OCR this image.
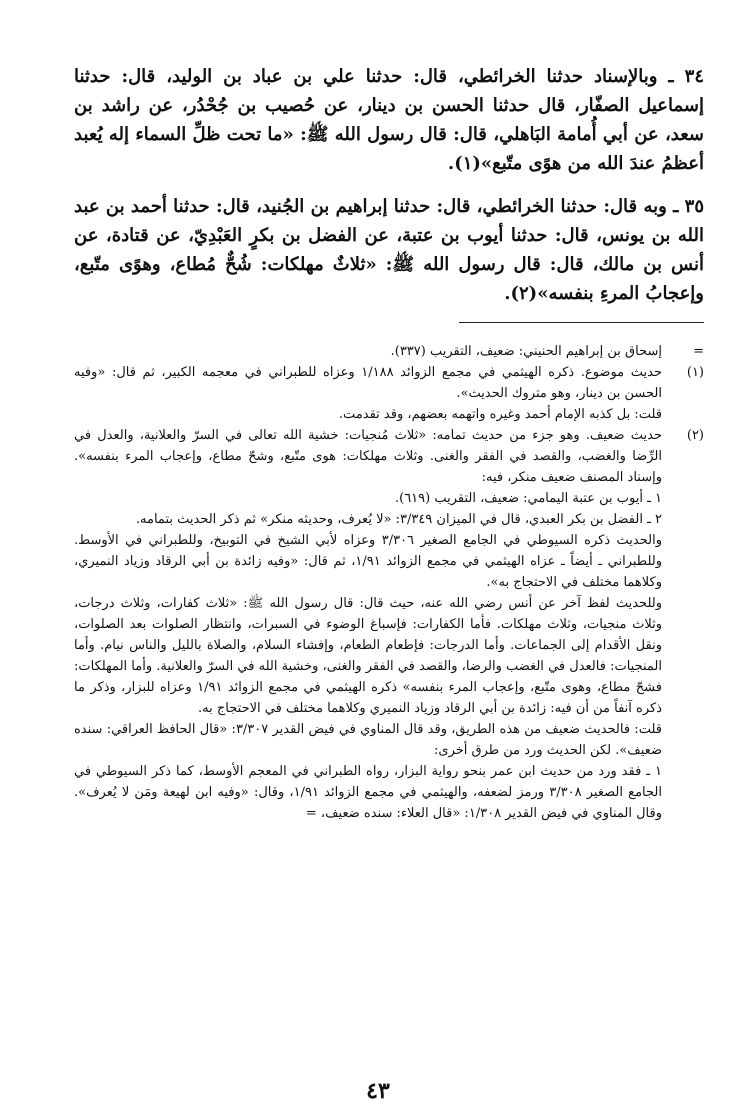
٣٤ ـ وبالإسناد حدثنا الخرائطي، قال: حدثنا علي بن عباد بن الوليد، قال: حدثنا إسماعيل الصفّار، قال حدثنا الحسن بن دينار، عن حُصيب بن جُحْدُر، عن راشد بن سعد، عن أبي أُمامة البَاهلي، قال: قال رسول الله ﷺ: «ما تحت ظلِّ السماء إله يُعبد أعظمُ عندَ الله من هوًى متّبع»(١).

٣٥ ـ وبه قال: حدثنا الخرائطي، قال: حدثنا إبراهيم بن الجُنيد، قال: حدثنا أحمد بن عبد الله بن يونس، قال: حدثنا أيوب بن عتبة، عن الفضل بن بكرٍ العَبْدِيّ، عن قتادة، عن أنس بن مالك، قال: قال رسول الله ﷺ: «ثلاثٌ مهلكات: شُحٌّ مُطاع، وهوًى متّبع، وإعجابُ المرءِ بنفسه»(٢).

=
إسحاق بن إبراهيم الحنيني: ضعيف، التقريب (٣٣٧).
(١)
حديث موضوع. ذكره الهيثمي في مجمع الزوائد ١/١٨٨ وعزاه للطبراني في معجمه الكبير، ثم قال: «وفيه الحسن بن دينار، وهو متروك الحديث».
قلت: بل كذبه الإمام أحمد وغيره واتهمه بعضهم، وقد تقدمت.
(٢)
حديث ضعيف. وهو جزء من حديث تمامه: «ثلاث مُنجيات: خشية الله تعالى في السرّ والعلانية، والعدل في الرِّضا والغضب، والقصد في الفقر والغنى. وثلاث مهلكات: هوى متّبع، وشحّ مطاع، وإعجاب المرء بنفسه». وإسناد المصنف ضعيف منكر، فيه:
١ ـ أيوب بن عتبة اليمامي: ضعيف، التقريب (٦١٩).
٢ ـ الفضل بن بكر العبدي، قال في الميزان ٣/٣٤٩: «لا يُعرف، وحديثه منكر» ثم ذكر الحديث بتمامه.
والحديث ذكره السيوطي في الجامع الصغير ٣/٣٠٦ وعزاه لأبي الشيخ في التوبيخ، وللطبراني في الأوسط. وللطبراني ـ أيضاً ـ عزاه الهيثمي في مجمع الزوائد ١/٩١، ثم قال: «وفيه زائدة بن أبي الرقاد وزياد النميري، وكلاهما مختلف في الاحتجاج به».
وللحديث لفظ آخر عن أنس رضي الله عنه، حيث قال: قال رسول الله ﷺ: «ثلاث كفارات، وثلاث درجات، وثلاث منجيات، وثلاث مهلكات. فأما الكفارات: فإسباغ الوضوء في السبرات، وانتظار الصلوات بعد الصلوات، ونقل الأقدام إلى الجماعات. وأما الدرجات: فإطعام الطعام، وإفشاء السلام، والصلاة بالليل والناس نيام. وأما المنجيات: فالعدل في الغضب والرضا، والقصد في الفقر والغنى، وخشية الله في السرّ والعلانية. وأما المهلكات: فشحّ مطاع، وهوى متّبع، وإعجاب المرء بنفسه» ذكره الهيثمي في مجمع الزوائد ١/٩١ وعزاه للبزار، وذكر ما ذكره آنفاً من أن فيه: زائدة بن أبي الرقاد وزياد النميري وكلاهما مختلف في الاحتجاج به.
قلت: فالحديث ضعيف من هذه الطريق، وقد قال المناوي في فيض القدير ٣/٣٠٧: «قال الحافظ العراقي: سنده ضعيف». لكن الحديث ورد من طرق أخرى:
١ ـ فقد ورد من حديث ابن عمر بنحو رواية البزار، رواه الطبراني في المعجم الأوسط، كما ذكر السيوطي في الجامع الصغير ٣/٣٠٨ ورمز لضعفه، والهيثمي في مجمع الزوائد ١/٩١، وقال: «وفيه ابن لهيعة ومَن لا يُعرف». وقال المناوي في فيض القدير ١/٣٠٨: «قال العلاء: سنده ضعيف، =
٤٣
